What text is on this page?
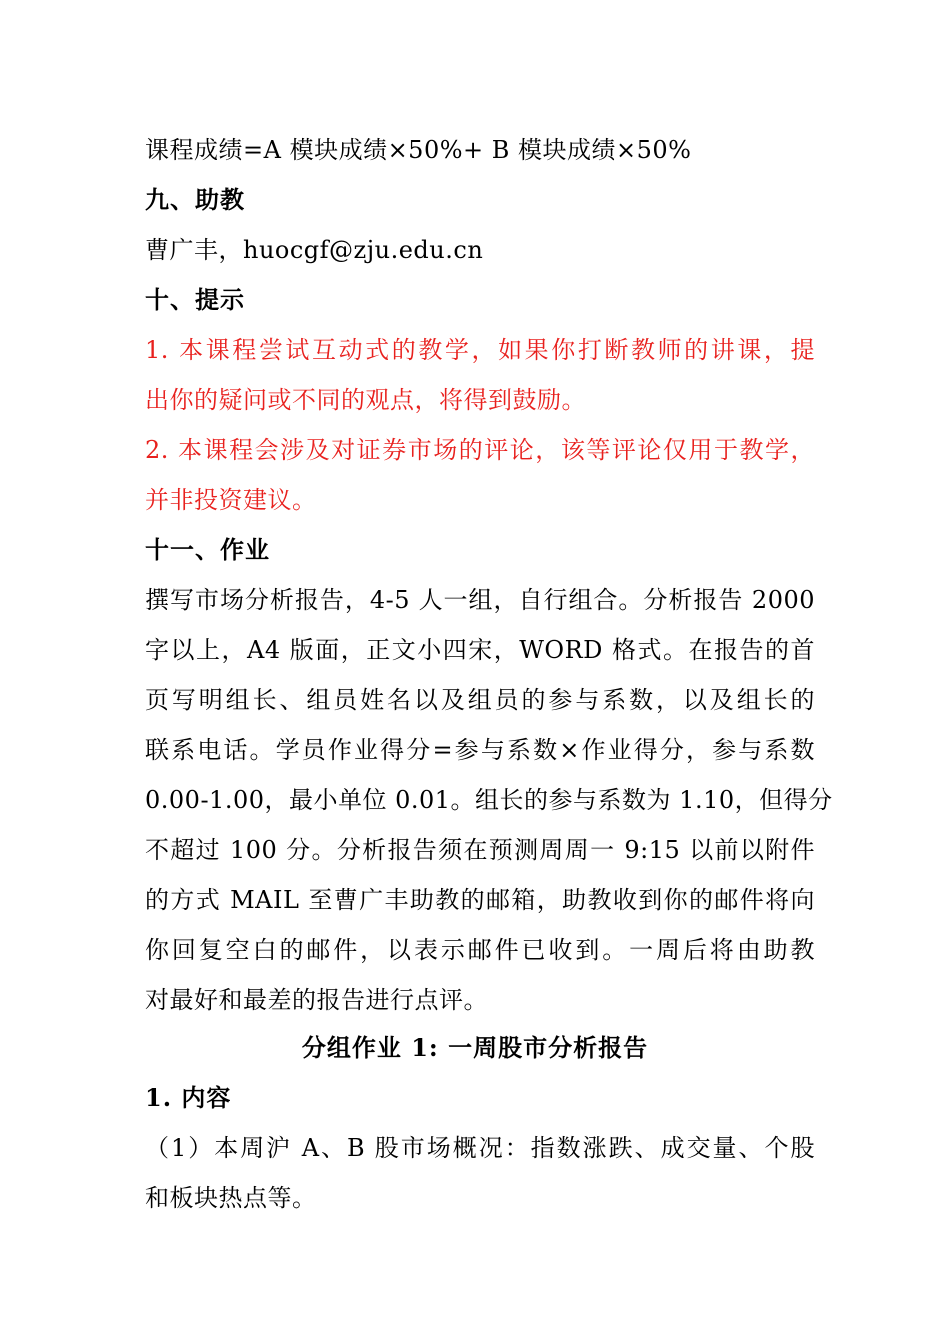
课程成绩=A 模块成绩×50%+ B 模块成绩×50%
九、助教
曹广丰，huocgf@zju.edu.cn
十、提示
1. 本课程尝试互动式的教学，如果你打断教师的讲课，提
出你的疑问或不同的观点，将得到鼓励。
2. 本课程会涉及对证券市场的评论，该等评论仅用于教学，
并非投资建议。
十一、作业
撰写市场分析报告，4-5 人一组，自行组合。分析报告 2000
字以上，A4 版面，正文小四宋，WORD 格式。在报告的首
页写明组长、组员姓名以及组员的参与系数，以及组长的
联系电话。学员作业得分=参与系数×作业得分，参与系数
0.00-1.00，最小单位 0.01。组长的参与系数为 1.10，但得分
不超过 100 分。分析报告须在预测周周一 9:15 以前以附件
的方式 MAIL 至曹广丰助教的邮箱，助教收到你的邮件将向
你回复空白的邮件，以表示邮件已收到。一周后将由助教
对最好和最差的报告进行点评。
分组作业 1: 一周股市分析报告
1. 内容
（1）本周沪 A、B 股市场概况：指数涨跌、成交量、个股
和板块热点等。
